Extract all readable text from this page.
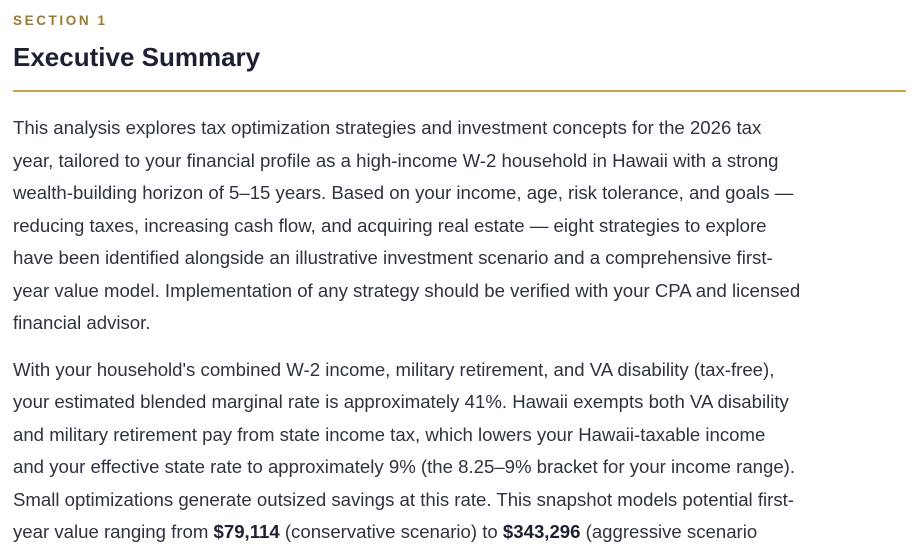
SECTION 1
Executive Summary

This analysis explores tax optimization strategies and investment concepts for the 2026 tax
year, tailored to your financial profile as a high-income W-2 household in Hawaii with a strong
wealth-building horizon of 5–15 years. Based on your income, age, risk tolerance, and goals —
reducing taxes, increasing cash flow, and acquiring real estate — eight strategies to explore
have been identified alongside an illustrative investment scenario and a comprehensive first-
year value model. Implementation of any strategy should be verified with your CPA and licensed
financial advisor.

With your household's combined W-2 income, military retirement, and VA disability (tax-free),
your estimated blended marginal rate is approximately 41%. Hawaii exempts both VA disability
and military retirement pay from state income tax, which lowers your Hawaii-taxable income
and your effective state rate to approximately 9% (the 8.25–9% bracket for your income range).
Small optimizations generate outsized savings at this rate. This snapshot models potential first-
year value ranging from $79,114 (conservative scenario) to $343,296 (aggressive scenario
